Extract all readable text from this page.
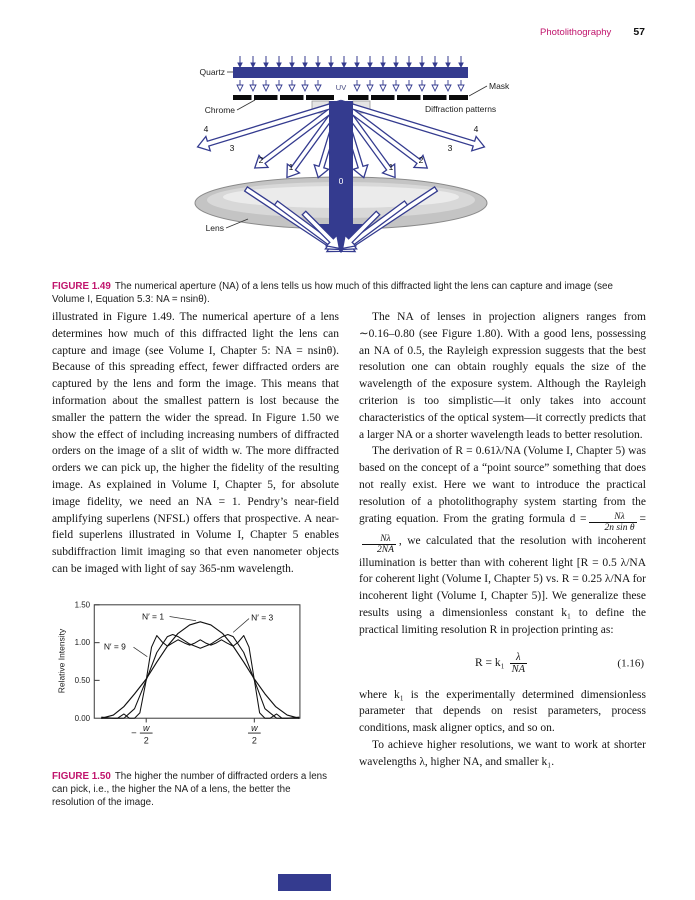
Photolithography 57
Quartz
Mask
Chrome	Diffraction patterns
UV
Lens
4
3
2
1	1
2
3
4
0

FIGURE 1.49 The numerical aperture (NA) of a lens tells us how much of this diffracted light the lens can capture and image (see Volume I, Equation 5.3: NA = nsinθ).

illustrated in Figure 1.49. The numerical aperture of a lens determines how much of this diffracted light the lens can capture and image (see Volume I, Chapter 5: NA = nsinθ). Because of this spreading effect, fewer diffracted orders are captured by the lens and form the image. This means that information about the smallest pattern is lost because the smaller the pattern the wider the spread. In Figure 1.50 we show the effect of including increasing numbers of diffracted orders on the image of a slit of width w. The more diffracted orders we can pick up, the higher the fidelity of the resulting image. As explained in Volume I, Chapter 5, for absolute image fidelity, we need an NA = 1. Pendry’s near-field amplifying superlens (NFSL) offers that prospective. A near-field superlens illustrated in Volume I, Chapter 5 enables subdiffraction limit imaging so that even nanometer objects can be imaged with light of say 365-nm wavelength.

1.50
1.00
0.50
0.00
Relative Intensity
−
w
2
w
2
N′ = 1	N′ = 3
N′ = 9

FIGURE 1.50 The higher the number of diffracted orders a lens can pick, i.e., the higher the NA of a lens, the better the resolution of the image.

The NA of lenses in projection aligners ranges from ∼0.16–0.80 (see Figure 1.80). With a good lens, possessing an NA of 0.5, the Rayleigh expression suggests that the best resolution one can obtain roughly equals the size of the wavelength of the exposure system. Although the Rayleigh criterion is too simplistic—it only takes into account characteristics of the optical system—it correctly predicts that a larger NA or a shorter wavelength leads to better resolution.

The derivation of R = 0.61λ/NA (Volume I, Chapter 5) was based on the concept of a “point source” something that does not really exist. Here we want to introduce the practical resolution of a photolithography system starting from the grating equation. From the grating formula $d = \frac{N\lambda}{\text{2n sin θ}}$ =
$\frac{N\lambda}{2NA}$ , we calculated that the resolution with incoherent illumination is better than with coherent light [R = 0.5 λ/NA for coherent light (Volume I, Chapter 5) vs. R = 0.25 λ/NA for incoherent light (Volume I, Chapter 5)]. We generalize these results using a dimensionless constant k₁ to define the practical limiting resolution R in projection printing as:

$R = k_1 \frac{\lambda}{NA}$	(1.16)

where k₁ is the experimentally determined dimensionless parameter that depends on resist parameters, process conditions, mask aligner optics, and so on.

To achieve higher resolutions, we want to work at shorter wavelengths λ, higher NA, and smaller k₁.
